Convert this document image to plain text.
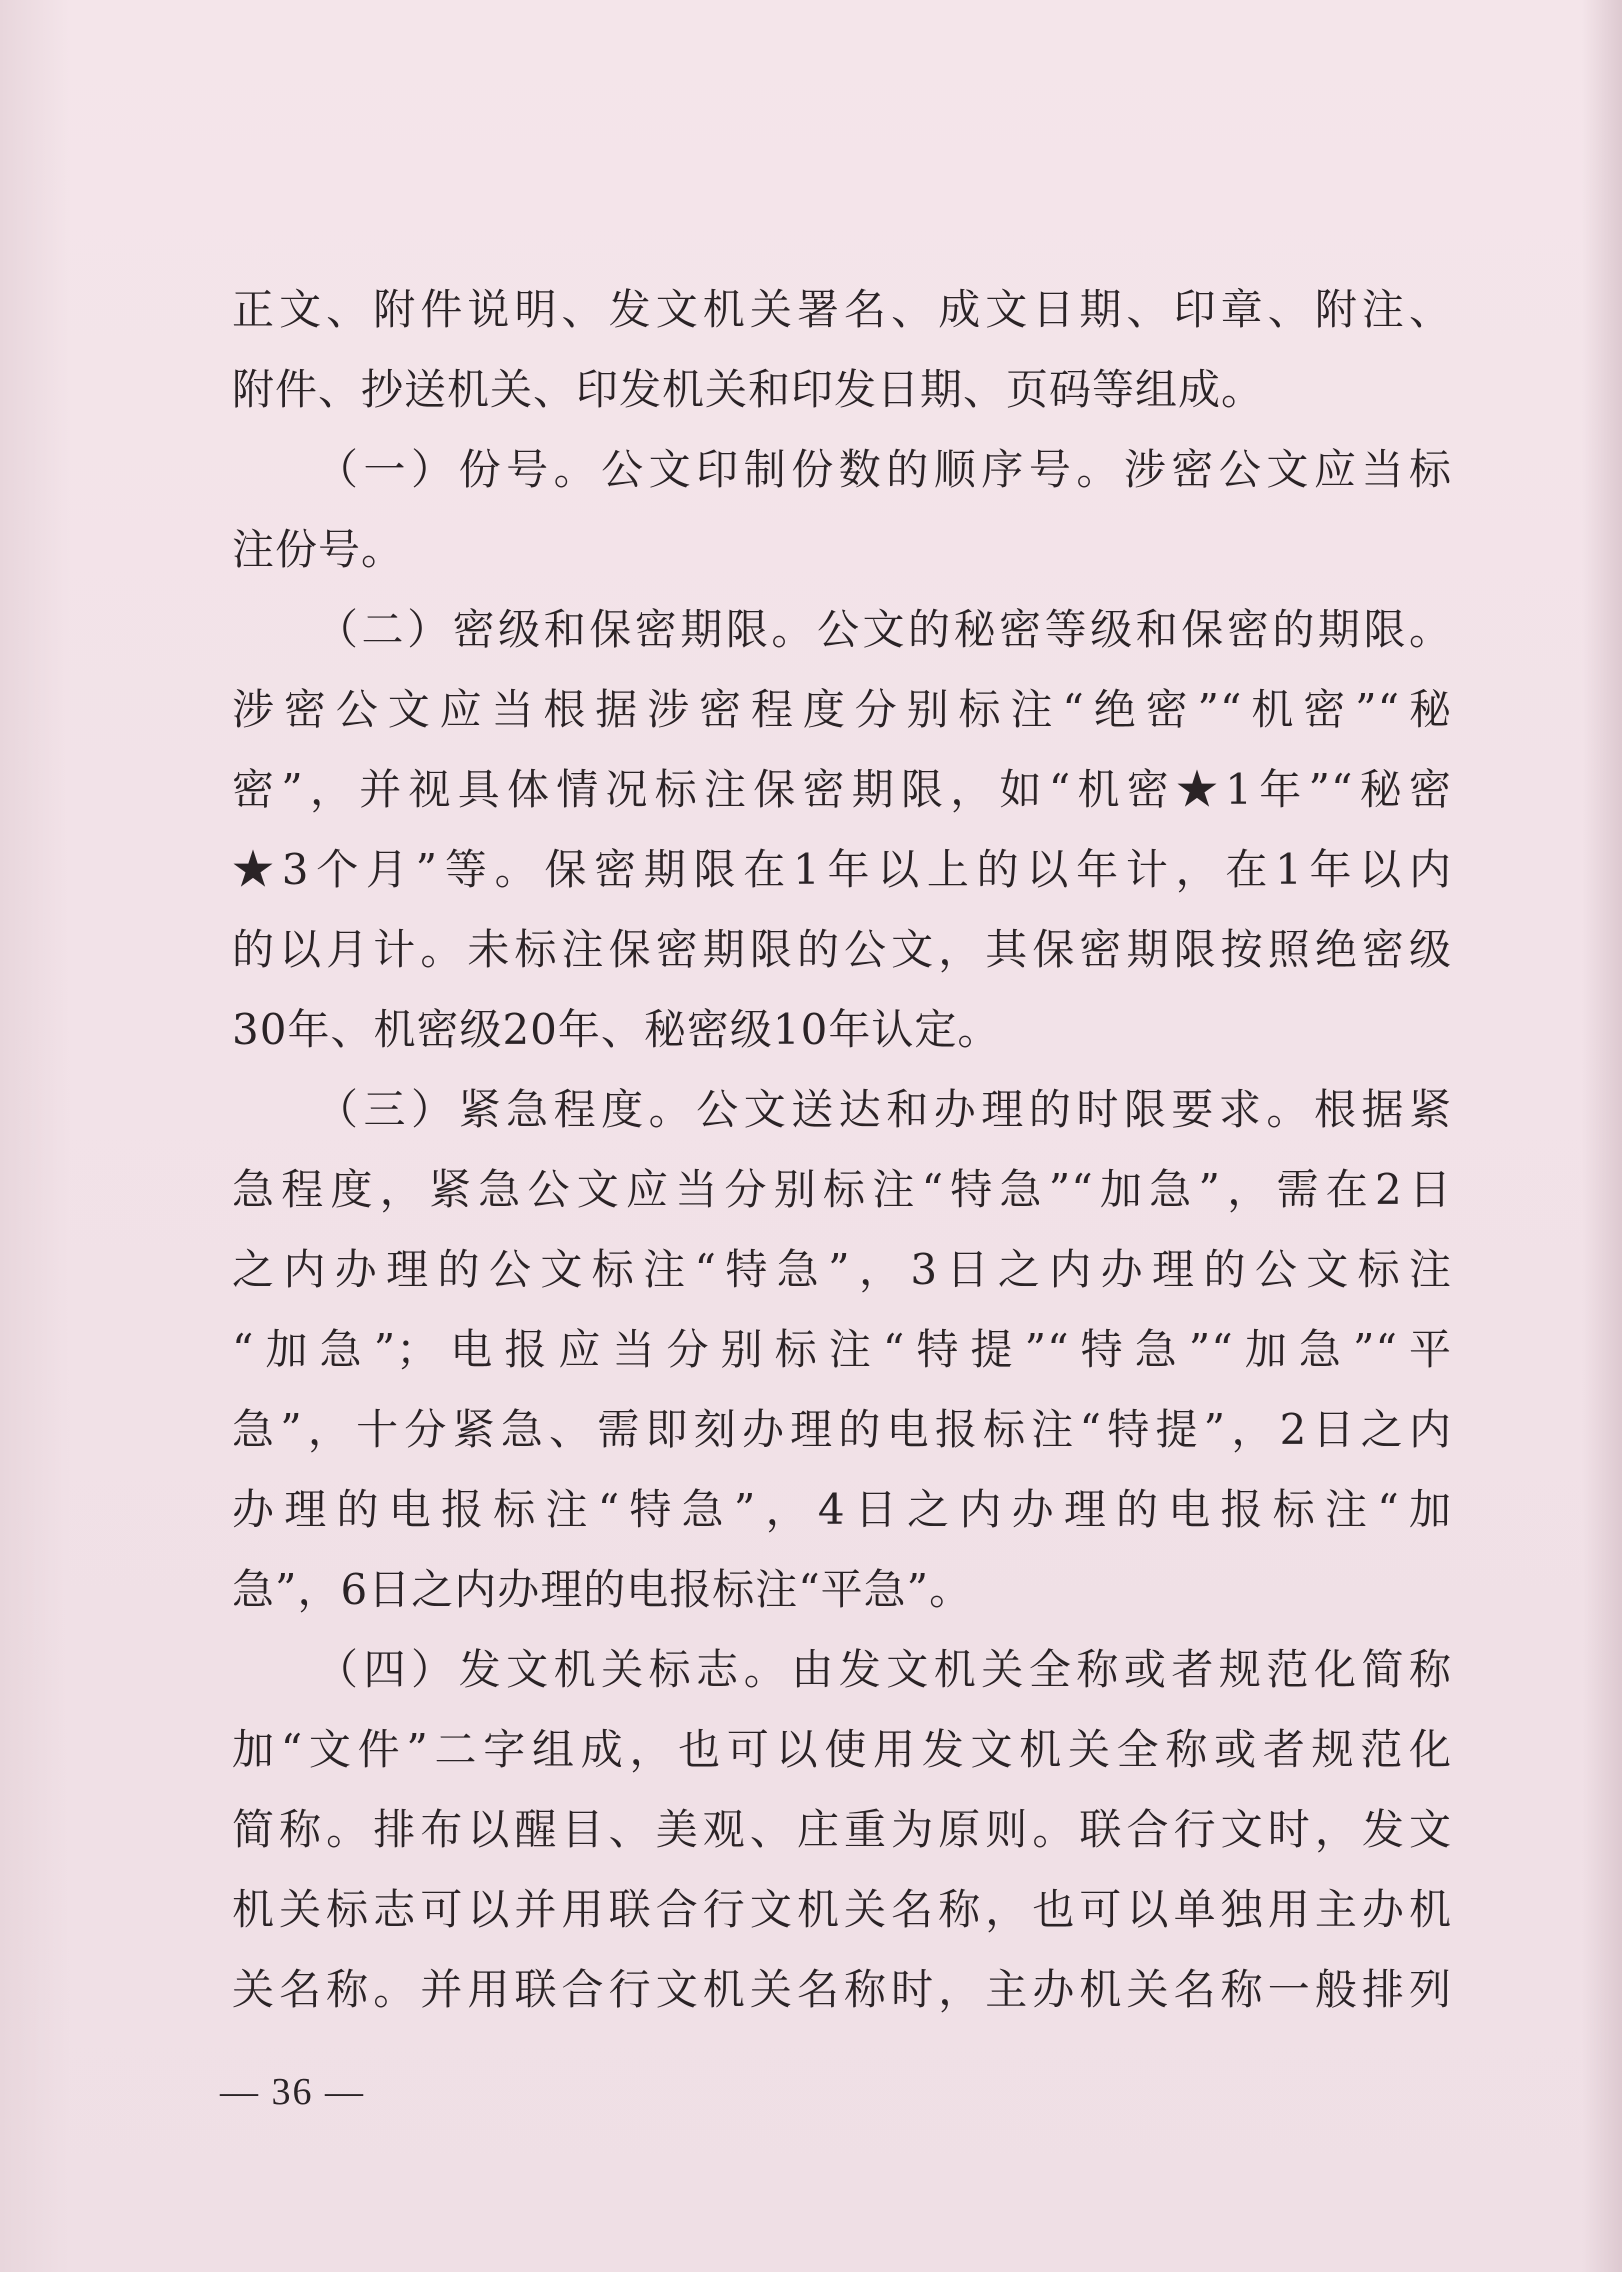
正文、附件说明、发文机关署名、成文日期、印章、附注、
附件、抄送机关、印发机关和印发日期、页码等组成。
（一）份号。公文印制份数的顺序号。涉密公文应当标
注份号。
（二）密级和保密期限。公文的秘密等级和保密的期限。
涉密公文应当根据涉密程度分别标注“绝密”“机密”“秘
密”，并视具体情况标注保密期限，如“机密★1年”“秘密
★3个月”等。保密期限在1年以上的以年计，在1年以内
的以月计。未标注保密期限的公文，其保密期限按照绝密级
30年、机密级20年、秘密级10年认定。
（三）紧急程度。公文送达和办理的时限要求。根据紧
急程度，紧急公文应当分别标注“特急”“加急”，需在2日
之内办理的公文标注“特急”，3日之内办理的公文标注
“加急”；电报应当分别标注“特提”“特急”“加急”“平
急”，十分紧急、需即刻办理的电报标注“特提”，2日之内
办理的电报标注“特急”，4日之内办理的电报标注“加
急”，6日之内办理的电报标注“平急”。
（四）发文机关标志。由发文机关全称或者规范化简称
加“文件”二字组成，也可以使用发文机关全称或者规范化
简称。排布以醒目、美观、庄重为原则。联合行文时，发文
机关标志可以并用联合行文机关名称，也可以单独用主办机
关名称。并用联合行文机关名称时，主办机关名称一般排列
— 36 —
